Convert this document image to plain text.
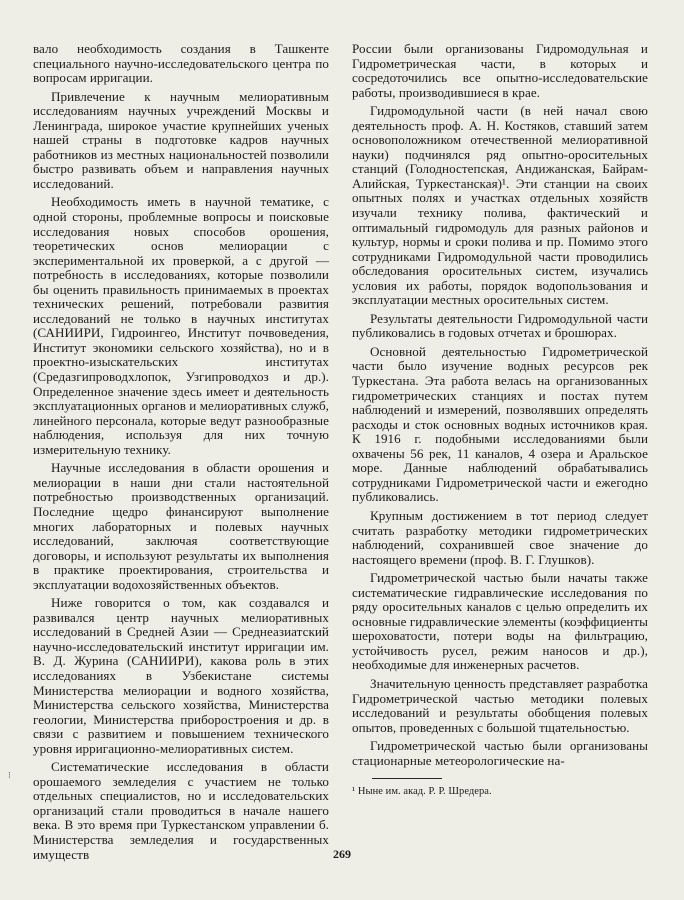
вало необходимость создания в Ташкенте специального научно-исследовательского центра по вопросам ирригации.

Привлечение к научным мелиоративным исследованиям научных учреждений Москвы и Ленинграда, широкое участие крупнейших ученых нашей страны в подготовке кадров научных работников из местных национальностей позволили быстро развивать объем и направления научных исследований.

Необходимость иметь в научной тематике, с одной стороны, проблемные вопросы и поисковые исследования новых способов орошения, теоретических основ мелиорации с экспериментальной их проверкой, а с другой — потребность в исследованиях, которые позволили бы оценить правильность принимаемых в проектах технических решений, потребовали развития исследований не только в научных институтах (САНИИРИ, Гидроингео, Институт почвоведения, Институт экономики сельского хозяйства), но и в проектно-изыскательских институтах (Средазгипроводхлопок, Узгипроводхоз и др.). Определенное значение здесь имеет и деятельность эксплуатационных органов и мелиоративных служб, линейного персонала, которые ведут разнообразные наблюдения, используя для них точную измерительную технику.

Научные исследования в области орошения и мелиорации в наши дни стали настоятельной потребностью производственных организаций. Последние щедро финансируют выполнение многих лабораторных и полевых научных исследований, заключая соответствующие договоры, и используют результаты их выполнения в практике проектирования, строительства и эксплуатации водохозяйственных объектов.

Ниже говорится о том, как создавался и развивался центр научных мелиоративных исследований в Средней Азии — Среднеазиатский научно-исследовательский институт ирригации им. В. Д. Журина (САНИИРИ), какова роль в этих исследованиях в Узбекистане системы Министерства мелиорации и водного хозяйства, Министерства сельского хозяйства, Министерства геологии, Министерства приборостроения и др. в связи с развитием и повышением технического уровня ирригационно-мелиоративных систем.

Систематические исследования в области орошаемого земледелия с участием не только отдельных специалистов, но и исследовательских организаций стали проводиться в начале нашего века. В это время при Туркестанском управлении б. Министерства земледелия и государственных имуществ

России были организованы Гидромодульная и Гидрометрическая части, в которых и сосредоточились все опытно-исследовательские работы, производившиеся в крае.

Гидромодульной части (в ней начал свою деятельность проф. А. Н. Костяков, ставший затем основоположником отечественной мелиоративной науки) подчинялся ряд опытно-оросительных станций (Голодностепская, Андижанская, Байрам-Алийская, Туркестанская)¹. Эти станции на своих опытных полях и участках отдельных хозяйств изучали технику полива, фактический и оптимальный гидромодуль для разных районов и культур, нормы и сроки полива и пр. Помимо этого сотрудниками Гидромодульной части проводились обследования оросительных систем, изучались условия их работы, порядок водопользования и эксплуатации местных оросительных систем.

Результаты деятельности Гидромодульной части публиковались в годовых отчетах и брошюрах.

Основной деятельностью Гидрометрической части было изучение водных ресурсов рек Туркестана. Эта работа велась на организованных гидрометрических станциях и постах путем наблюдений и измерений, позволявших определять расходы и сток основных водных источников края. К 1916 г. подобными исследованиями были охвачены 56 рек, 11 каналов, 4 озера и Аральское море. Данные наблюдений обрабатывались сотрудниками Гидрометрической части и ежегодно публиковались.

Крупным достижением в тот период следует считать разработку методики гидрометрических наблюдений, сохранившей свое значение до настоящего времени (проф. В. Г. Глушков).

Гидрометрической частью были начаты также систематические гидравлические исследования по ряду оросительных каналов с целью определить их основные гидравлические элементы (коэффициенты шероховатости, потери воды на фильтрацию, устойчивость русел, режим наносов и др.), необходимые для инженерных расчетов.

Значительную ценность представляет разработка Гидрометрической частью методики полевых исследований и результаты обобщения полевых опытов, проведенных с большой тщательностью.

Гидрометрической частью были организованы стационарные метеорологические на-

¹ Ныне им. акад. Р. Р. Шредера.

⁝
269
